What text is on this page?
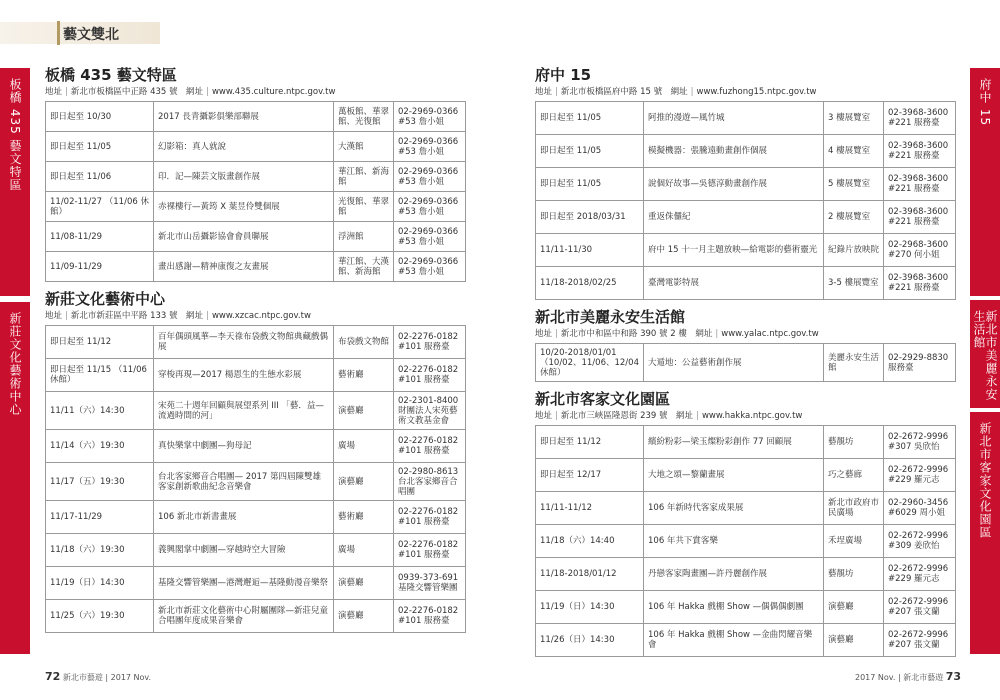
藝文雙北
板橋 435 藝文特區
新莊文化藝術中心
府中 15
新北市美麗永安生活館
新北市客家文化園區
板橋 435 藝文特區
地址 | 新北市板橋區中正路 435 號　 網址 | www.435.culture.ntpc.gov.tw
即日起至 10/30	2017 長青攝影俱樂部聯展	萬板館、華翠館、光復館	02-2969-0366 #53 詹小姐
即日起至 11/05	幻影箱：真人就說	大漢館	02-2969-0366 #53 詹小姐
即日起至 11/06	印．記—陳芸文版畫創作展	華江館、新海館	02-2969-0366 #53 詹小姐
11/02-11/27 （11/06 休館）	赤裸樓行—黃筠 X 葉昱伶雙個展	光復館、華翠館	02-2969-0366 #53 詹小姐
11/08-11/29	新北市山岳攝影協會會員聯展	浮洲館	02-2969-0366 #53 詹小姐
11/09-11/29	畫出感謝—精神康復之友畫展	華江館、大漢館、新海館	02-2969-0366 #53 詹小姐
新莊文化藝術中心
地址 | 新北市新莊區中平路 133 號　 網址 | www.xzcac.ntpc.gov.tw
即日起至 11/12	百年偶頭風華—李天祿布袋戲文物館典藏戲偶展	布袋戲文物館	02-2276-0182 #101 服務臺
即日起至 11/15 （11/06 休館）	穿梭再現—2017 楊恩生的生態水彩展	藝術廳	02-2276-0182 #101 服務臺
11/11（六）14:30	宋苑二十週年回顧與展望系列 III 「藝．益—流過時間的河」	演藝廳	02-2301-8400 財團法人宋苑藝術文教基金會
11/14（六）19:30	真快樂掌中劇團—狗母記	廣場	02-2276-0182 #101 服務臺
11/17（五）19:30	台北客家鄉音合唱團— 2017 第四屆陳雙雄客家創新歌曲紀念音樂會	演藝廳	02-2980-8613 台北客家鄉音合唱團
11/17-11/29	106 新北市新書畫展	藝術廳	02-2276-0182 #101 服務臺
11/18（六）19:30	義興閣掌中劇團—穿越時空大冒險	廣場	02-2276-0182 #101 服務臺
11/19（日）14:30	基隆交響管樂團—港灣邂逅—基隆動漫音樂祭	演藝廳	0939-373-691 基隆交響管樂團
11/25（六）19:30	新北市新莊文化藝術中心附屬團隊—新莊兒童合唱團年度成果音樂會	演藝廳	02-2276-0182 #101 服務臺
府中 15
地址 | 新北市板橋區府中路 15 號　 網址 | www.fuzhong15.ntpc.gov.tw
即日起至 11/05	阿推的漫遊—風竹城	3 樓展覽室	02-3968-3600 #221 服務臺
即日起至 11/05	模擬機器：張騰遠動畫創作個展	4 樓展覽室	02-3968-3600 #221 服務臺
即日起至 11/05	說個好故事—吳德淳動畫創作展	5 樓展覽室	02-3968-3600 #221 服務臺
即日起至 2018/03/31	重返侏儸紀	2 樓展覽室	02-3968-3600 #221 服務臺
11/11-11/30	府中 15 十一月主題放映—給電影的藝術靈光	紀錄片放映院	02-2968-3600 #270 何小姐
11/18-2018/02/25	臺灣電影特展	3-5 樓展覽室	02-3968-3600 #221 服務臺
新北市美麗永安生活館
地址 | 新北市中和區中和路 390 號 2 樓　 網址 | www.yalac.ntpc.gov.tw
10/20-2018/01/01 （10/02、11/06、12/04 休館）	大遁地：公益藝術創作展	美麗永安生活館	02-2929-8830 服務臺
新北市客家文化園區
地址 | 新北市三峽區隆恩街 239 號　 網址 | www.hakka.ntpc.gov.tw
即日起至 11/12	繽紛粉彩—梁玉燦粉彩創作 77 回顧展	藝靚坊	02-2672-9996 #307 吳欣怡
即日起至 12/17	大地之頌—黎蘭畫展	巧之藝廊	02-2672-9996 #229 羅元志
11/11-11/12	106 年新時代客家成果展	新北市政府市民廣場	02-2960-3456 #6029 周小姐
11/18（六）14:40	106 年共下賞客樂	禾埕廣場	02-2672-9996 #309 姜欣怡
11/18-2018/01/12	丹戀客家陶畫團—許丹麗創作展	藝靚坊	02-2672-9996 #229 羅元志
11/19（日）14:30	106 年 Hakka 戲棚 Show —偶偶偶劇團	演藝廳	02-2672-9996 #207 張文蘭
11/26（日）14:30	106 年 Hakka 戲棚 Show —金曲閃耀音樂會	演藝廳	02-2672-9996 #207 張文蘭
72 新北市藝遊 | 2017 Nov.	2017 Nov. | 新北市藝遊 73
